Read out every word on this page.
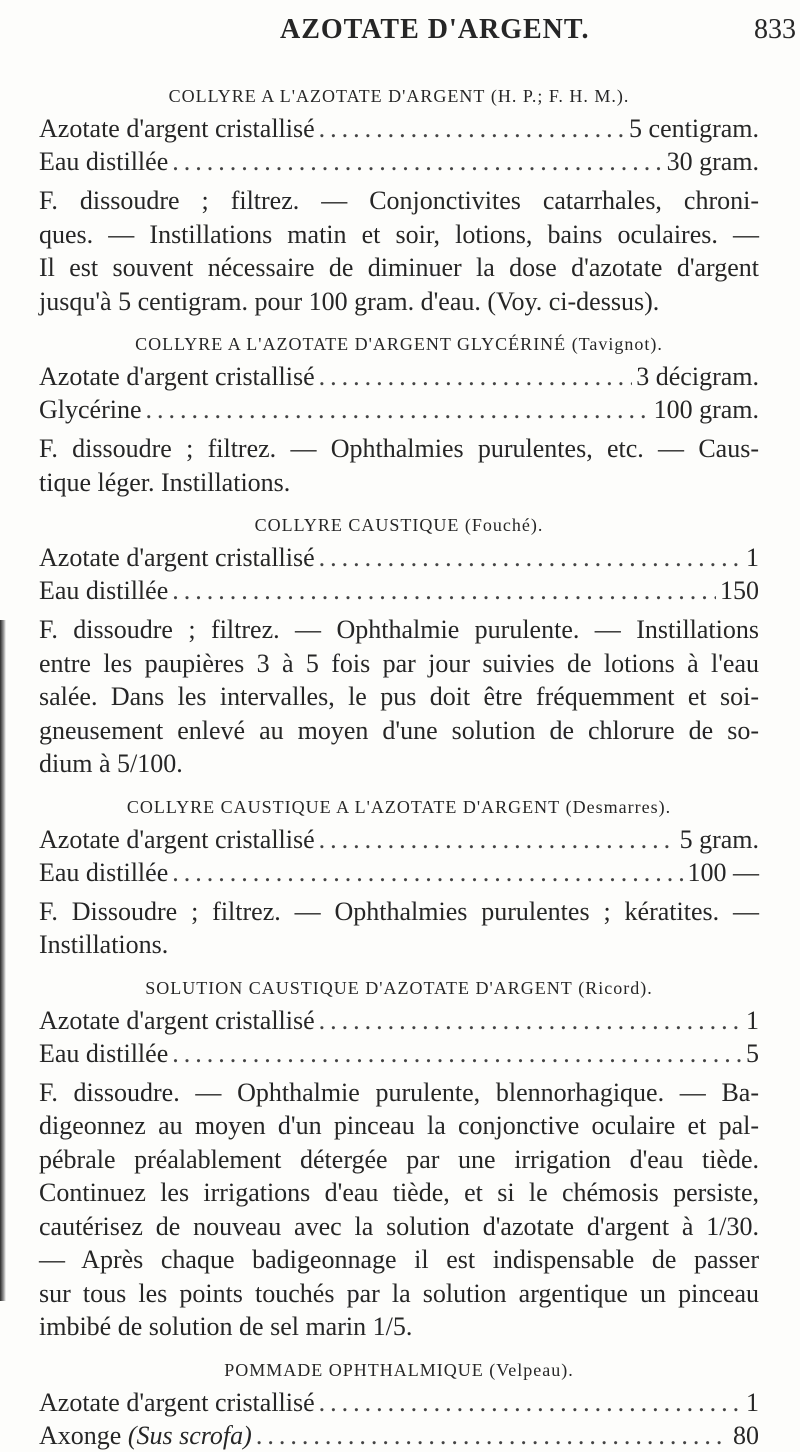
AZOTATE D'ARGENT.	833
COLLYRE A L'AZOTATE D'ARGENT (H. P.; F. H. M.).
Azotate d'argent cristallisé .....	5 centigram.
Eau distillée .....	30 gram.
F. dissoudre ; filtrez. — Conjonctivites catarrhales, chroni-
ques. — Instillations matin et soir, lotions, bains oculaires. —
Il est souvent nécessaire de diminuer la dose d'azotate d'argent
jusqu'à 5 centigram. pour 100 gram. d'eau. (Voy. ci-dessus).
COLLYRE A L'AZOTATE D'ARGENT GLYCÉRINÉ (Tavignot).
Azotate d'argent cristallisé .....	3 décigram.
Glycérine .....	100 gram.
F. dissoudre ; filtrez. — Ophthalmies purulentes, etc. — Caus-
tique léger. Instillations.
COLLYRE CAUSTIQUE (Fouché).
Azotate d'argent cristallisé .....	1
Eau distillée .....	150
F. dissoudre ; filtrez. — Ophthalmie purulente. — Instillations
entre les paupières 3 à 5 fois par jour suivies de lotions à l'eau
salée. Dans les intervalles, le pus doit être fréquemment et soi-
gneusement enlevé au moyen d'une solution de chlorure de so-
dium à 5/100.
COLLYRE CAUSTIQUE A L'AZOTATE D'ARGENT (Desmarres).
Azotate d'argent cristallisé .....	5 gram.
Eau distillée .....	100 —
F. Dissoudre ; filtrez. — Ophthalmies purulentes ; kératites. —
Instillations.
SOLUTION CAUSTIQUE D'AZOTATE D'ARGENT (Ricord).
Azotate d'argent cristallisé .....	1
Eau distillée .....	5
F. dissoudre. — Ophthalmie purulente, blennorhagique. — Ba-
digeonnez au moyen d'un pinceau la conjonctive oculaire et pal-
pébrale préalablement détergée par une irrigation d'eau tiède.
Continuez les irrigations d'eau tiède, et si le chémosis persiste,
cautérisez de nouveau avec la solution d'azotate d'argent à 1/30.
— Après chaque badigeonnage il est indispensable de passer
sur tous les points touchés par la solution argentique un pinceau
imbibé de solution de sel marin 1/5.
POMMADE OPHTHALMIQUE (Velpeau).
Azotate d'argent cristallisé .....	1
Axonge (Sus scrofa) .....	80
